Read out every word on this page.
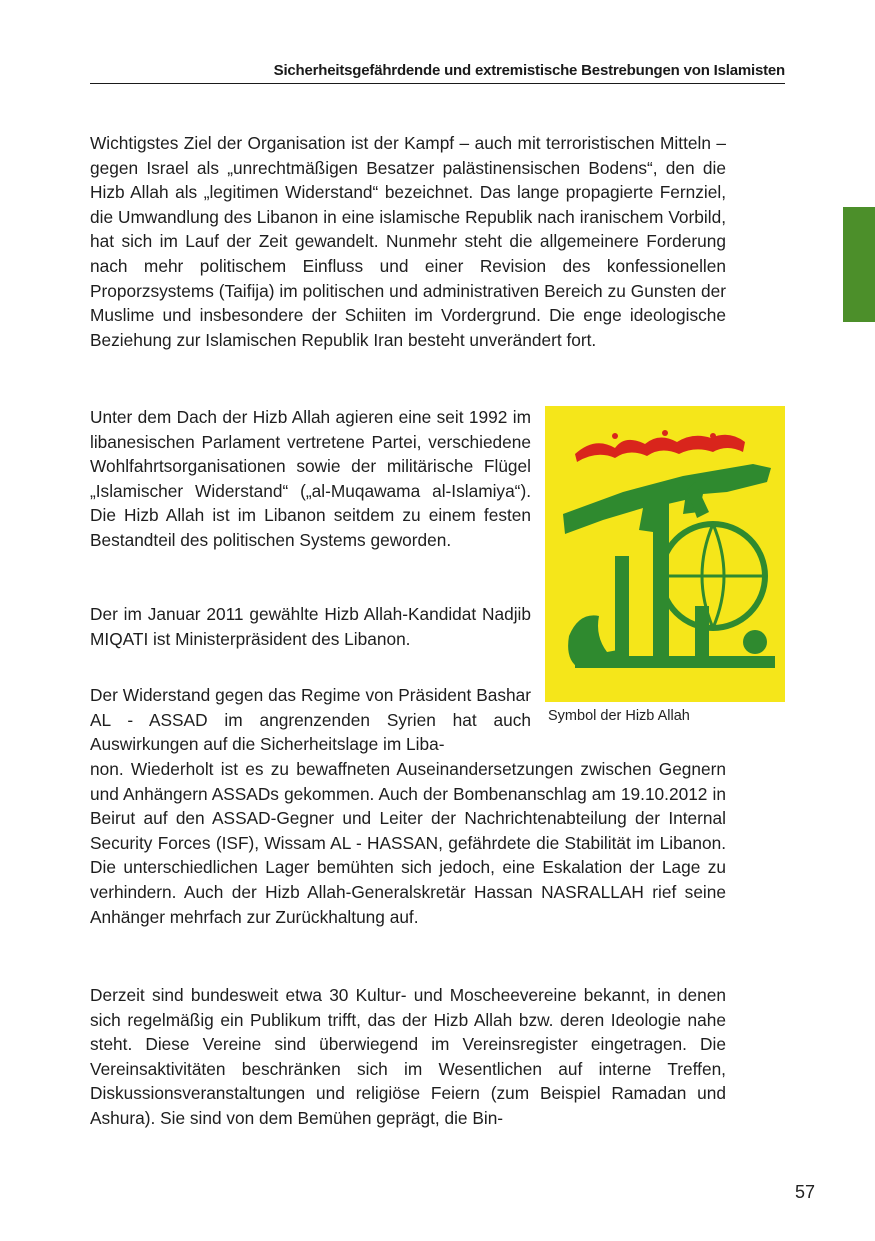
Sicherheitsgefährdende und extremistische Bestrebungen von Islamisten

Wichtigstes Ziel der Organisation ist der Kampf – auch mit terroristischen Mitteln – gegen Israel als „unrechtmäßigen Besatzer palästinensischen Bodens“, den die Hizb Allah als „legitimen Widerstand“ bezeichnet. Das lange propagierte Fernziel, die Umwandlung des Libanon in eine islamische Republik nach iranischem Vorbild, hat sich im Lauf der Zeit gewandelt. Nunmehr steht die allgemeinere Forderung nach mehr politischem Einfluss und einer Revision des konfessionellen Proporzsystems (Taifija) im politischen und administrativen Bereich zu Gunsten der Muslime und insbesondere der Schiiten im Vordergrund. Die enge ideologische Beziehung zur Islamischen Republik Iran besteht unverändert fort.

Unter dem Dach der Hizb Allah agieren eine seit 1992 im libanesischen Parlament vertretene Partei, verschiedene Wohlfahrtsorganisationen sowie der militärische Flügel „Islamischer Widerstand“ („al-Muqawama al-Islamiya“). Die Hizb Allah ist im Libanon seitdem zu einem festen Bestandteil des politischen Systems geworden.

Der im Januar 2011 gewählte Hizb Allah-Kandidat Nadjib MIQATI ist Ministerpräsident des Libanon.

Der Widerstand gegen das Regime von Präsident Bashar AL - ASSAD im angrenzenden Syrien hat auch Auswirkungen auf die Sicherheitslage im Liba-

non. Wiederholt ist es zu bewaffneten Auseinandersetzungen zwischen Gegnern und Anhängern ASSADs gekommen. Auch der Bombenanschlag am 19.10.2012 in Beirut auf den ASSAD-Gegner und Leiter der Nachrichtenabteilung der Internal Security Forces (ISF), Wissam AL - HASSAN, gefährdete die Stabilität im Libanon. Die unterschiedlichen Lager bemühten sich jedoch, eine Eskalation der Lage zu verhindern. Auch der Hizb Allah-Generalskretär Hassan NASRALLAH rief seine Anhänger mehrfach zur Zurückhaltung auf.

Derzeit sind bundesweit etwa 30 Kultur- und Moscheevereine bekannt, in denen sich regelmäßig ein Publikum trifft, das der Hizb Allah bzw. deren Ideologie nahe steht. Diese Vereine sind überwiegend im Vereinsregister eingetragen. Die Vereinsaktivitäten beschränken sich im Wesentlichen auf interne Treffen, Diskussionsveranstaltungen und religiöse Feiern (zum Beispiel Ramadan und Ashura). Sie sind von dem Bemühen geprägt, die Bin-

Symbol der Hizb Allah
57
